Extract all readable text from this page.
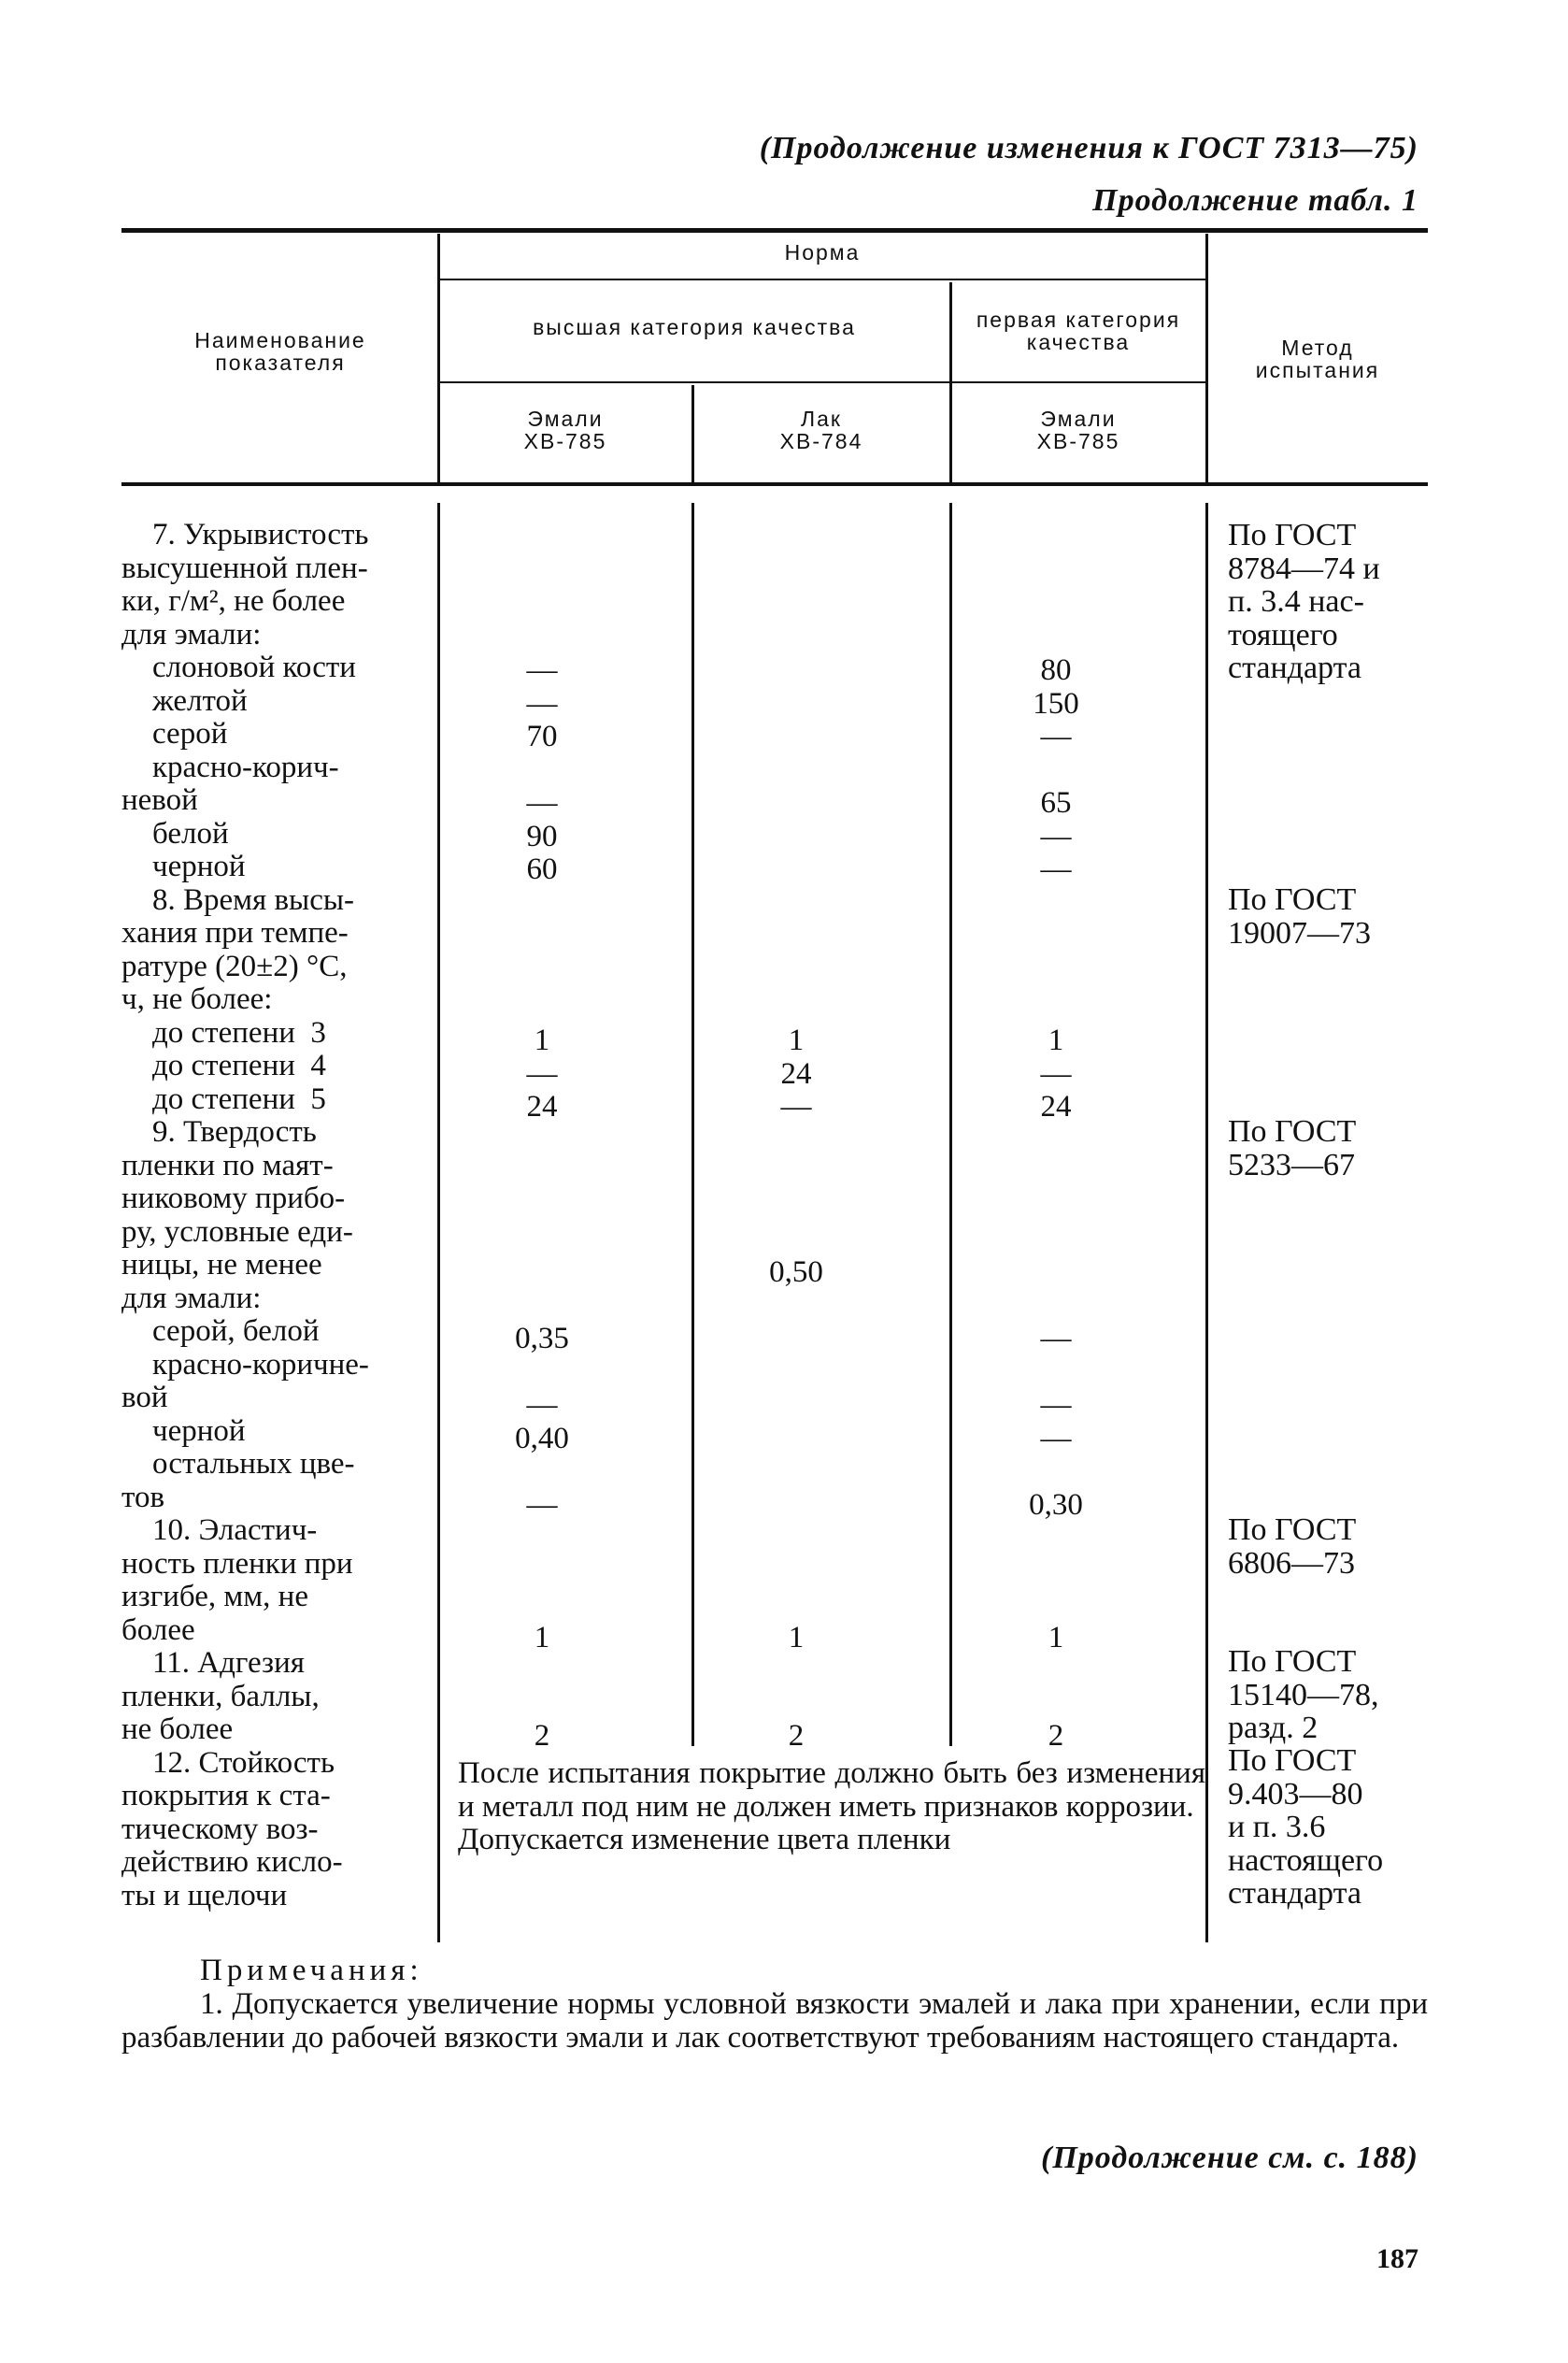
(Продолжение изменения к ГОСТ 7313—75)
Продолжение табл. 1
Наименование
показателя
Норма
высшая категория качества	первая категория
качества	Метод
испытания
Эмали
ХВ-785
Лак
ХВ-784
Эмали
ХВ-785
7. Укрывистость
высушенной плен-
ки, г/м², не более
для эмали:
слоновой кости
желтой
серой
красно-корич-
невой
белой
черной
8. Время высы-
хания при темпе-
ратуре (20±2) °С,
ч, не более:
до степени  3
до степени  4
до степени  5
9. Твердость
пленки по маят-
никовому прибо-
ру, условные еди-
ницы, не менее
для эмали:
серой, белой
красно-коричне-
вой
черной
остальных цве-
тов
10. Эластич-
ность пленки при
изгибе, мм, не
более
11. Адгезия
пленки, баллы,
не более
12. Стойкость
покрытия к ста-
тическому воз-
действию кисло-
ты и щелочи
—
—
70

—
90
60
1
—
24
0,35

—
0,40

—
1
2
1
24
—
0,50
1
2
80
150
—

65
—
—
1
—
24
—

—
—

0,30
1
2
По ГОСТ
8784—74 и
п. 3.4 нас-
тоящего
стандарта
По ГОСТ
19007—73
По ГОСТ
5233—67
По ГОСТ
6806—73
По ГОСТ
15140—78,
разд. 2
По ГОСТ
9.403—80
и п. 3.6
настоящего
стандарта
После испытания покрытие должно быть без изменения и металл под ним не должен иметь признаков коррозии.
Допускается изменение цвета пленки
Примечания:
1. Допускается увеличение нормы условной вязкости эмалей и лака при хранении, если при разбавлении до рабочей вязкости эмали и лак соответствуют требованиям настоящего стандарта.
(Продолжение см. с. 188)
187
